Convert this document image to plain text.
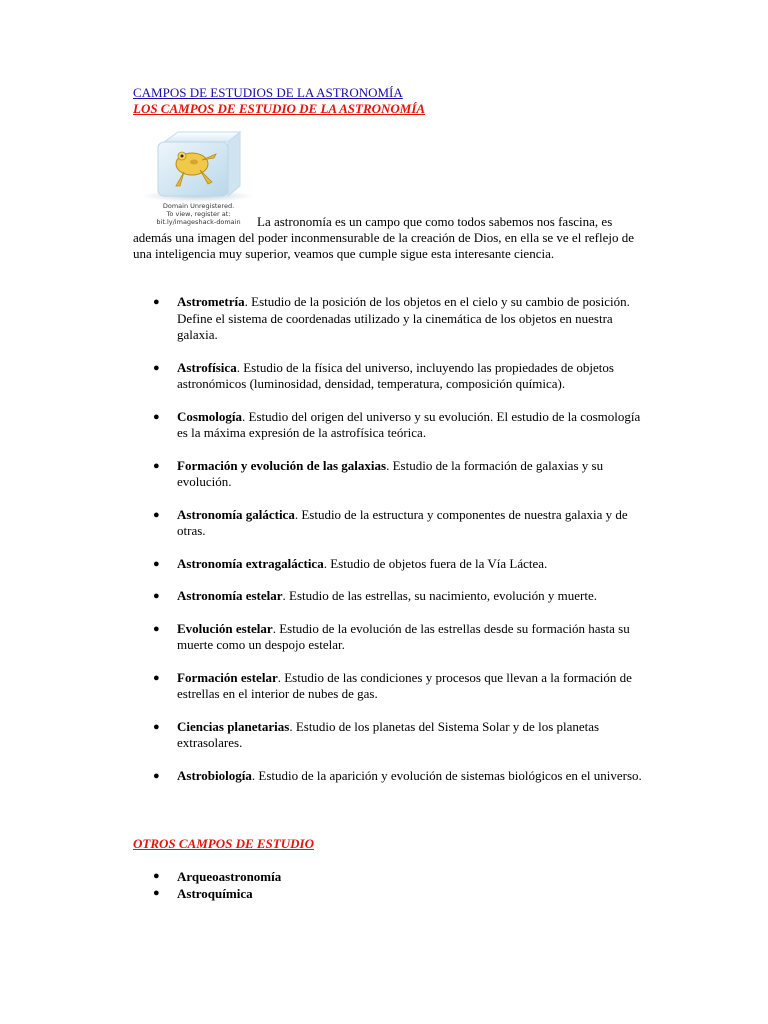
CAMPOS DE ESTUDIOS DE LA ASTRONOMÍA
LOS CAMPOS DE ESTUDIO DE LA ASTRONOMÍA
Domain Unregistered.
To view, register at:
bit.ly/imageshack-domain	La astronomía es un campo que como todos sabemos nos fascina, es además una imagen del poder inconmensurable de la creación de Dios, en ella se ve el reflejo de una inteligencia muy superior, veamos que cumple sigue esta interesante ciencia.
● Astrometría. Estudio de la posición de los objetos en el cielo y su cambio de posición. Define el sistema de coordenadas utilizado y la cinemática de los objetos en nuestra galaxia.
● Astrofísica. Estudio de la física del universo, incluyendo las propiedades de objetos astronómicos (luminosidad, densidad, temperatura, composición química).
● Cosmología. Estudio del origen del universo y su evolución. El estudio de la cosmología es la máxima expresión de la astrofísica teórica.
● Formación y evolución de las galaxias. Estudio de la formación de galaxias y su evolución.
● Astronomía galáctica. Estudio de la estructura y componentes de nuestra galaxia y de otras.
● Astronomía extragaláctica. Estudio de objetos fuera de la Vía Láctea.
● Astronomía estelar. Estudio de las estrellas, su nacimiento, evolución y muerte.
● Evolución estelar. Estudio de la evolución de las estrellas desde su formación hasta su muerte como un despojo estelar.
● Formación estelar. Estudio de las condiciones y procesos que llevan a la formación de estrellas en el interior de nubes de gas.
● Ciencias planetarias. Estudio de los planetas del Sistema Solar y de los planetas extrasolares.
● Astrobiología. Estudio de la aparición y evolución de sistemas biológicos en el universo.
OTROS CAMPOS DE ESTUDIO
● Arqueoastronomía
● Astroquímica
